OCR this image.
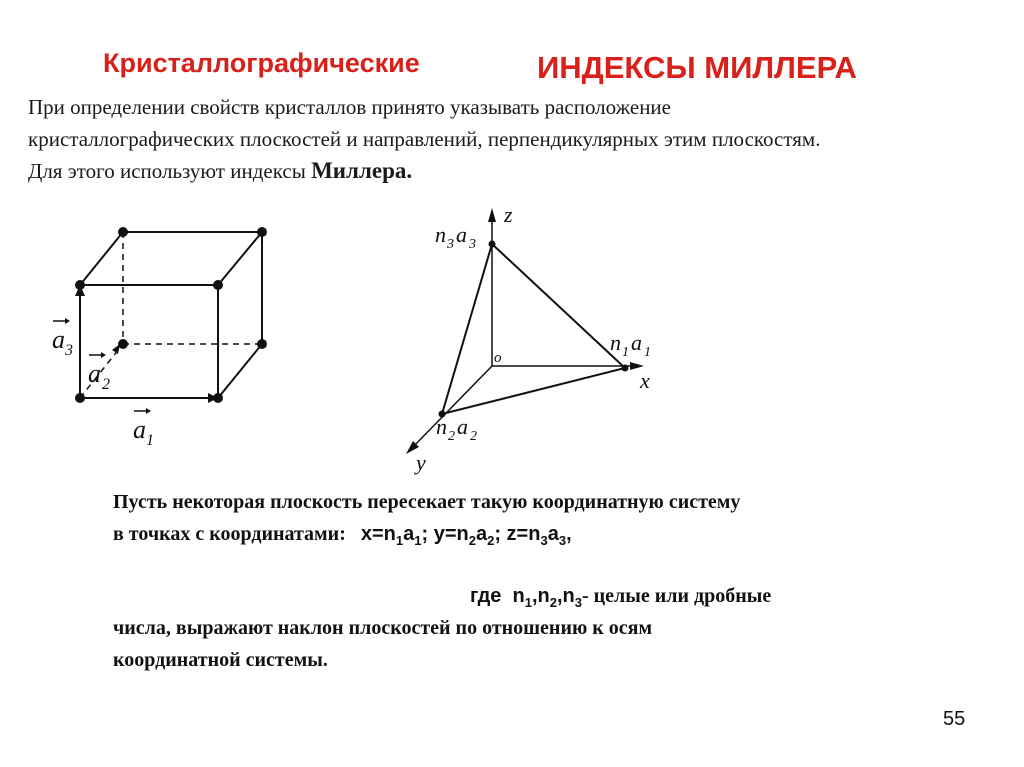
Кристаллографические	ИНДЕКСЫ МИЛЛЕРА
При определении свойств кристаллов принято указывать расположение
кристаллографических плоскостей и направлений, перпендикулярных этим плоскостям.
Для этого используют индексы Миллера.
a 1
a 2
a 3
z
x
y
o
n 3 a 3
n 1 a 1
n 2 a 2
Пусть некоторая плоскость пересекает такую координатную систему
в точках с координатами: $x=n_1a_1$; $y=n_2a_2$; $z=n_3a_3$,
где $n_1,n_2,n_3-$ целые или дробные
числа, выражают наклон плоскостей по отношению к осям
координатной системы.
55
